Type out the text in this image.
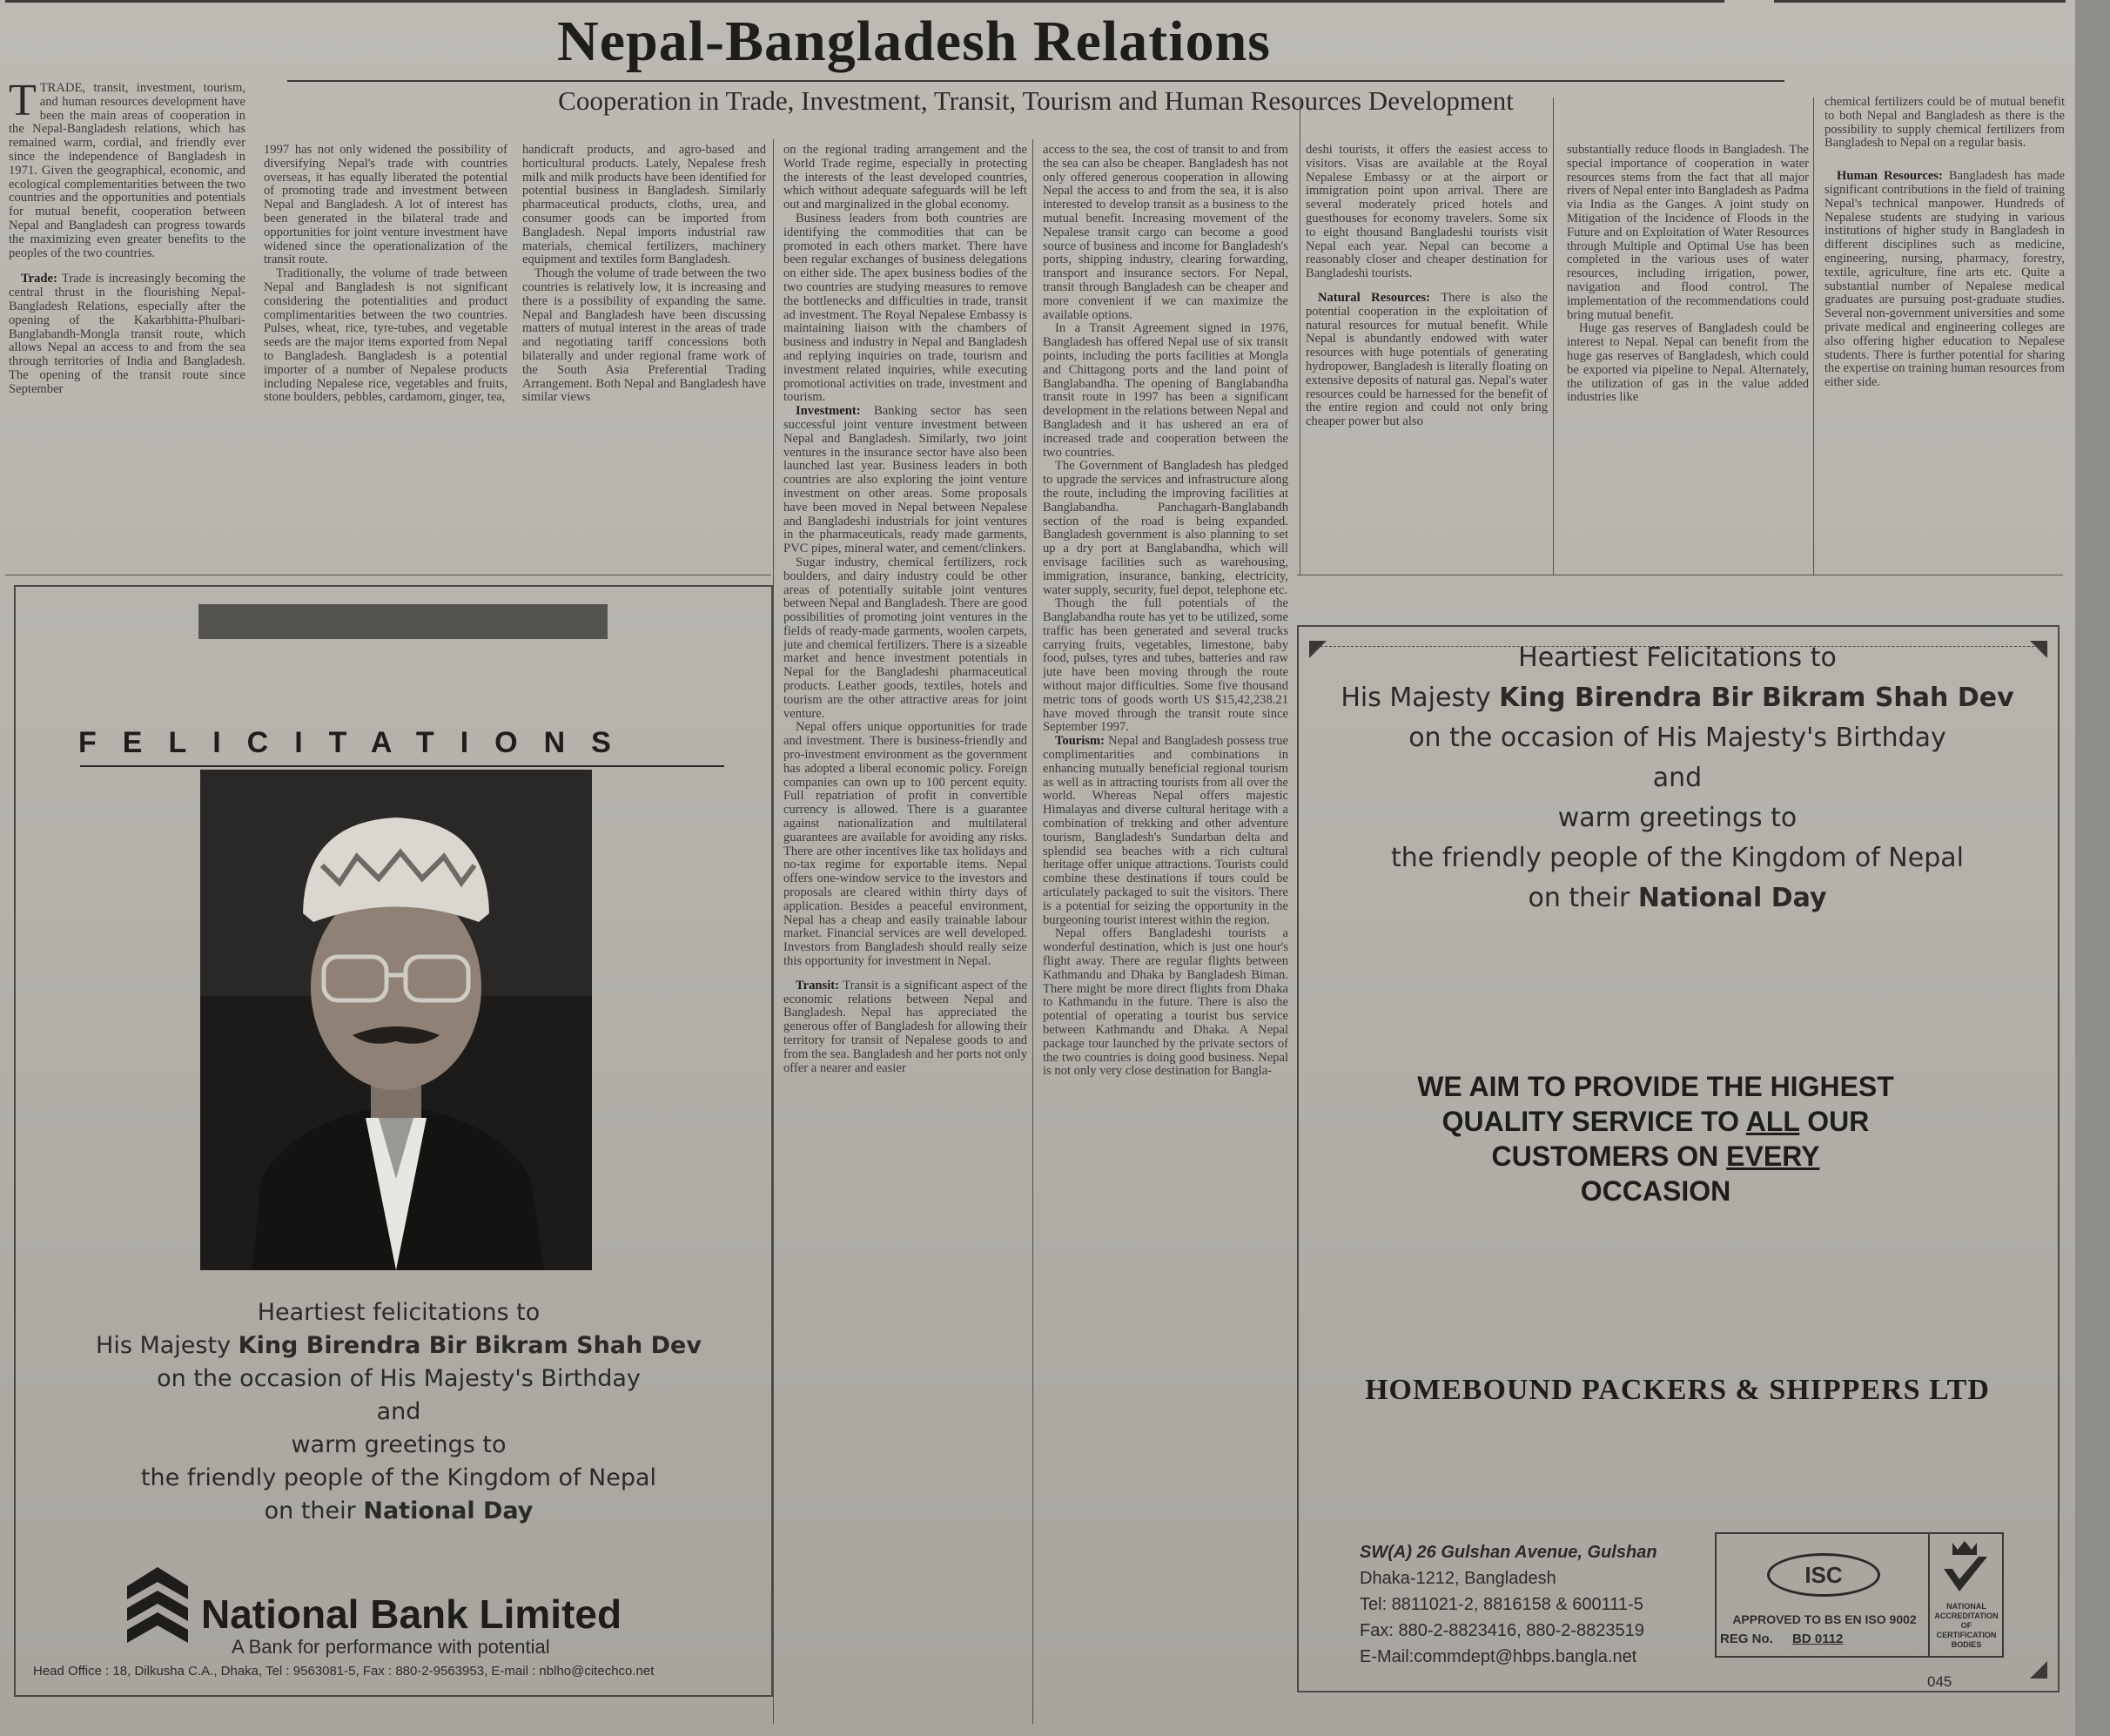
Nepal-Bangladesh Relations
Cooperation in Trade, Investment, Transit, Tourism and Human Resources Development

TTRADE, transit, investment, tourism, and human resources development have been the main areas of cooperation in the Nepal-Bangladesh relations, which has remained warm, cordial, and friendly ever since the independence of Bangladesh in 1971. Given the geographical, economic, and ecological complementarities between the two countries and the opportunities and potentials for mutual benefit, cooperation between Nepal and Bangladesh can progress towards the maximizing even greater benefits to the peoples of the two countries.

Trade: Trade is increasingly becoming the central thrust in the flourishing Nepal-Bangladesh Relations, especially after the opening of the Kakarbhitta-Phulbari-Banglabandh-Mongla transit route, which allows Nepal an access to and from the sea through territories of India and Bangladesh. The opening of the transit route since September

1997 has not only widened the possibility of diversifying Nepal's trade with countries overseas, it has equally liberated the potential of promoting trade and investment between Nepal and Bangladesh. A lot of interest has been generated in the bilateral trade and opportunities for joint venture investment have widened since the operationalization of the transit route.

Traditionally, the volume of trade between Nepal and Bangladesh is not significant considering the potentialities and product complimentarities between the two countries. Pulses, wheat, rice, tyre-tubes, and vegetable seeds are the major items exported from Nepal to Bangladesh. Bangladesh is a potential importer of a number of Nepalese products including Nepalese rice, vegetables and fruits, stone boulders, pebbles, cardamom, ginger, tea,

handicraft products, and agro-based and horticultural products. Lately, Nepalese fresh milk and milk products have been identified for potential business in Bangladesh. Similarly pharmaceutical products, cloths, urea, and consumer goods can be imported from Bangladesh. Nepal imports industrial raw materials, chemical fertilizers, machinery equipment and textiles form Bangladesh.

Though the volume of trade between the two countries is relatively low, it is increasing and there is a possibility of expanding the same. Nepal and Bangladesh have been discussing matters of mutual interest in the areas of trade and negotiating tariff concessions both bilaterally and under regional frame work of the South Asia Preferential Trading Arrangement. Both Nepal and Bangladesh have similar views

on the regional trading arrangement and the World Trade regime, especially in protecting the interests of the least developed countries, which without adequate safeguards will be left out and marginalized in the global economy.

Business leaders from both countries are identifying the commodities that can be promoted in each others market. There have been regular exchanges of business delegations on either side. The apex business bodies of the two countries are studying measures to remove the bottlenecks and difficulties in trade, transit ad investment. The Royal Nepalese Embassy is maintaining liaison with the chambers of business and industry in Nepal and Bangladesh and replying inquiries on trade, tourism and investment related inquiries, while executing promotional activities on trade, investment and tourism.

Investment: Banking sector has seen successful joint venture investment between Nepal and Bangladesh. Similarly, two joint ventures in the insurance sector have also been launched last year. Business leaders in both countries are also exploring the joint venture investment on other areas. Some proposals have been moved in Nepal between Nepalese and Bangladeshi industrials for joint ventures in the pharmaceuticals, ready made garments, PVC pipes, mineral water, and cement/clinkers.

Sugar industry, chemical fertilizers, rock boulders, and dairy industry could be other areas of potentially suitable joint ventures between Nepal and Bangladesh. There are good possibilities of promoting joint ventures in the fields of ready-made garments, woolen carpets, jute and chemical fertilizers. There is a sizeable market and hence investment potentials in Nepal for the Bangladeshi pharmaceutical products. Leather goods, textiles, hotels and tourism are the other attractive areas for joint venture.

Nepal offers unique opportunities for trade and investment. There is business-friendly and pro-investment environment as the government has adopted a liberal economic policy. Foreign companies can own up to 100 percent equity. Full repatriation of profit in convertible currency is allowed. There is a guarantee against nationalization and multilateral guarantees are available for avoiding any risks. There are other incentives like tax holidays and no-tax regime for exportable items. Nepal offers one-window service to the investors and proposals are cleared within thirty days of application. Besides a peaceful environment, Nepal has a cheap and easily trainable labour market. Financial services are well developed. Investors from Bangladesh should really seize this opportunity for investment in Nepal.

Transit: Transit is a significant aspect of the economic relations between Nepal and Bangladesh. Nepal has appreciated the generous offer of Bangladesh for allowing their territory for transit of Nepalese goods to and from the sea. Bangladesh and her ports not only offer a nearer and easier

access to the sea, the cost of transit to and from the sea can also be cheaper. Bangladesh has not only offered generous cooperation in allowing Nepal the access to and from the sea, it is also interested to develop transit as a business to the mutual benefit. Increasing movement of the Nepalese transit cargo can become a good source of business and income for Bangladesh's ports, shipping industry, clearing forwarding, transport and insurance sectors. For Nepal, transit through Bangladesh can be cheaper and more convenient if we can maximize the available options.

In a Transit Agreement signed in 1976, Bangladesh has offered Nepal use of six transit points, including the ports facilities at Mongla and Chittagong ports and the land point of Banglabandha. The opening of Banglabandha transit route in 1997 has been a significant development in the relations between Nepal and Bangladesh and it has ushered an era of increased trade and cooperation between the two countries.

The Government of Bangladesh has pledged to upgrade the services and infrastructure along the route, including the improving facilities at Banglabandha. Panchagarh-Banglabandh section of the road is being expanded. Bangladesh government is also planning to set up a dry port at Banglabandha, which will envisage facilities such as warehousing, immigration, insurance, banking, electricity, water supply, security, fuel depot, telephone etc.

Though the full potentials of the Banglabandha route has yet to be utilized, some traffic has been generated and several trucks carrying fruits, vegetables, limestone, baby food, pulses, tyres and tubes, batteries and raw jute have been moving through the route without major difficulties. Some five thousand metric tons of goods worth US $15,42,238.21 have moved through the transit route since September 1997.

Tourism: Nepal and Bangladesh possess true complimentarities and combinations in enhancing mutually beneficial regional tourism as well as in attracting tourists from all over the world. Whereas Nepal offers majestic Himalayas and diverse cultural heritage with a combination of trekking and other adventure tourism, Bangladesh's Sundarban delta and splendid sea beaches with a rich cultural heritage offer unique attractions. Tourists could combine these destinations if tours could be articulately packaged to suit the visitors. There is a potential for seizing the opportunity in the burgeoning tourist interest within the region.

Nepal offers Bangladeshi tourists a wonderful destination, which is just one hour's flight away. There are regular flights between Kathmandu and Dhaka by Bangladesh Biman. There might be more direct flights from Dhaka to Kathmandu in the future. There is also the potential of operating a tourist bus service between Kathmandu and Dhaka. A Nepal package tour launched by the private sectors of the two countries is doing good business. Nepal is not only very close destination for Bangla-

deshi tourists, it offers the easiest access to visitors. Visas are available at the Royal Nepalese Embassy or at the airport or immigration point upon arrival. There are several moderately priced hotels and guesthouses for economy travelers. Some six to eight thousand Bangladeshi tourists visit Nepal each year. Nepal can become a reasonably closer and cheaper destination for Bangladeshi tourists.

Natural Resources: There is also the potential cooperation in the exploitation of natural resources for mutual benefit. While Nepal is abundantly endowed with water resources with huge potentials of generating hydropower, Bangladesh is literally floating on extensive deposits of natural gas. Nepal's water resources could be harnessed for the benefit of the entire region and could not only bring cheaper power but also

substantially reduce floods in Bangladesh. The special importance of cooperation in water resources stems from the fact that all major rivers of Nepal enter into Bangladesh as Padma via India as the Ganges. A joint study on Mitigation of the Incidence of Floods in the Future and on Exploitation of Water Resources through Multiple and Optimal Use has been completed in the various uses of water resources, including irrigation, power, navigation and flood control. The implementation of the recommendations could bring mutual benefit.

Huge gas reserves of Bangladesh could be interest to Nepal. Nepal can benefit from the huge gas reserves of Bangladesh, which could be exported via pipeline to Nepal. Alternately, the utilization of gas in the value added industries like

chemical fertilizers could be of mutual benefit to both Nepal and Bangladesh as there is the possibility to supply chemical fertilizers from Bangladesh to Nepal on a regular basis.

Human Resources: Bangladesh has made significant contributions in the field of training Nepal's technical manpower. Hundreds of Nepalese students are studying in various institutions of higher study in Bangladesh in different disciplines such as medicine, engineering, nursing, pharmacy, forestry, textile, agriculture, fine arts etc. Quite a substantial number of Nepalese medical graduates are pursuing post-graduate studies. Several non-government universities and some private medical and engineering colleges are also offering higher education to Nepalese students. There is further potential for sharing the expertise on training human resources from either side.

FELICITATIONS
Heartiest felicitations to
His Majesty King Birendra Bir Bikram Shah Dev
on the occasion of His Majesty's Birthday
and
warm greetings to
the friendly people of the Kingdom of Nepal
on their National Day
National Bank Limited
A Bank for performance with potential
Head Office : 18, Dilkusha C.A., Dhaka, Tel : 9563081-5, Fax : 880-2-9563953, E-mail : nblho@citechco.net
Heartiest Felicitations to
His Majesty King Birendra Bir Bikram Shah Dev
on the occasion of His Majesty's Birthday
and
warm greetings to
the friendly people of the Kingdom of Nepal
on their National Day
WE AIM TO PROVIDE THE HIGHEST
QUALITY SERVICE TO ALL OUR
CUSTOMERS ON EVERY
OCCASION
HOMEBOUND PACKERS & SHIPPERS LTD
SW(A) 26 Gulshan Avenue, Gulshan
Dhaka-1212, Bangladesh
Tel: 8811021-2, 8816158 & 600111-5
Fax: 880-2-8823416, 880-2-8823519
E-Mail:commdept@hbps.bangla.net
ISC
APPROVED TO BS EN ISO 9002
REG No. BD 0112
NATIONAL ACCREDITATION OF CERTIFICATION BODIES
045
